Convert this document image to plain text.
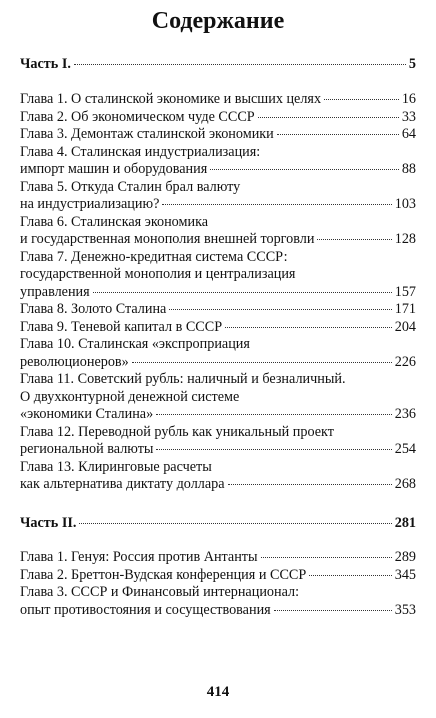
Содержание
Часть I.	5
Глава 1. О сталинской экономике и высших целях	16
Глава 2. Об экономическом чуде СССР	33
Глава 3. Демонтаж сталинской экономики	64
Глава 4. Сталинская индустриализация:
импорт машин и оборудования	88
Глава 5. Откуда Сталин брал валюту
на индустриализацию?	103
Глава 6. Сталинская экономика
и государственная монополия внешней торговли	128
Глава 7. Денежно-кредитная система СССР:
государственной монополия и централизация
управления	157
Глава 8. Золото Сталина	171
Глава 9. Теневой капитал в СССР	204
Глава 10. Сталинская «экспроприация
революционеров»	226
Глава 11. Советский рубль: наличный и безналичный.
О двухконтурной денежной системе
«экономики Сталина»	236
Глава 12. Переводной рубль как уникальный проект
региональной валюты	254
Глава 13. Клиринговые расчеты
как альтернатива диктату доллара	268
Часть II.	281
Глава 1. Генуя: Россия против Антанты	289
Глава 2. Бреттон-Вудская конференция и СССР	345
Глава 3. СССР и Финансовый интернационал:
опыт противостояния и сосуществования	353
414
